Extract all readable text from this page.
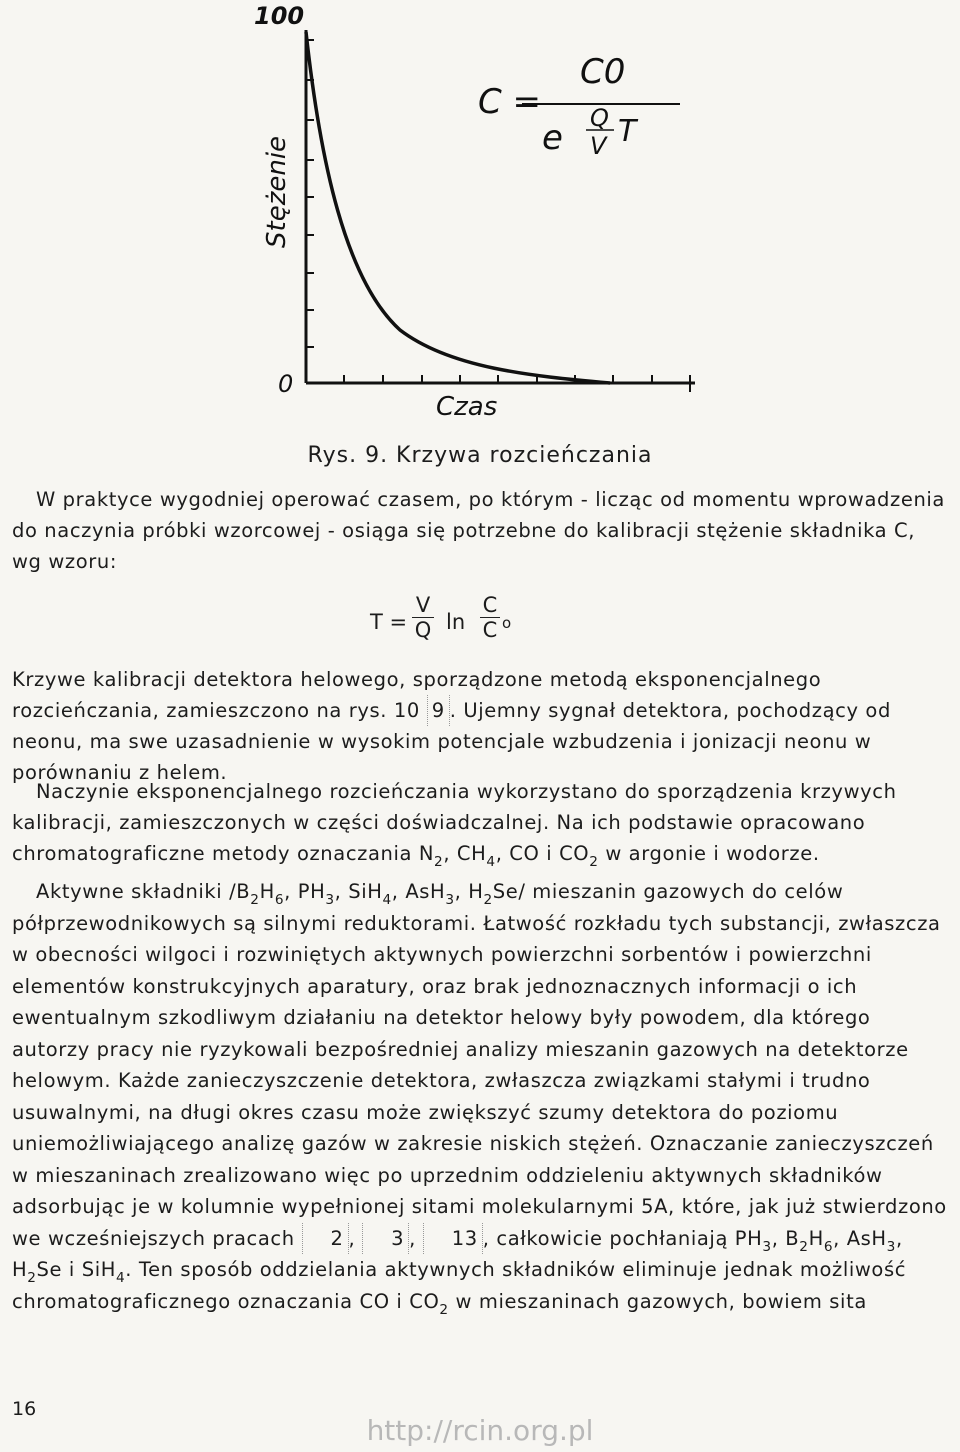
100
0
Stężenie
Czas
C =
C0
e Q
V T
Rys. 9. Krzywa rozcieńczania

W praktyce wygodniej operować czasem, po którym - licząc od momentu wprowadzenia do naczynia próbki wzorcowej - osiąga się potrzebne do kalibracji stężenie składnika C, wg wzoru:

T =
V
Q ln
C
C o

Krzywe kalibracji detektora helowego, sporządzone metodą eksponencjalnego rozcieńczania, zamieszczono na rys. 10 9 . Ujemny sygnał detektora, pochodzący od neonu, ma swe uzasadnienie w wysokim potencjale wzbudzenia i jonizacji neonu w porównaniu z helem.

Naczynie eksponencjalnego rozcieńczania wykorzystano do sporządzenia krzywych kalibracji, zamieszczonych w części doświadczalnej. Na ich podstawie opracowano chromatograficzne metody oznaczania $N_2$, $CH_4$, CO i $CO_2$ w argonie i wodorze.

Aktywne składniki $/B_2H_6$, $PH_3$, SiH$_4$, AsH$_3$, $H_2Se/$ mieszanin gazowych do celów półprzewodnikowych są silnymi reduktorami. Łatwość rozkładu tych substancji, zwłaszcza w obecności wilgoci i rozwiniętych aktywnych powierzchni sorbentów i powierzchni elementów konstrukcyjnych aparatury, oraz brak jednoznacznych informacji o ich ewentualnym szkodliwym działaniu na detektor helowy były powodem, dla którego autorzy pracy nie ryzykowali bezpośredniej analizy mieszanin gazowych na detektorze helowym. Każde zanieczyszczenie detektora, zwłaszcza związkami stałymi i trudno usuwalnymi, na długi okres czasu może zwiększyć szumy detektora do poziomu uniemożliwiającego analizę gazów w zakresie niskich stężeń. Oznaczanie zanieczyszczeń w mieszaninach zrealizowano więc po uprzednim oddzieleniu aktywnych składników adsorbując je w kolumnie wypełnionej sitami molekularnymi 5A, które, jak już stwierdzono we wcześniejszych pracach 2 , 3 , 13 , całkowicie pochłaniają $PH_3$, $B_2H_6$, AsH$_3$, $H_2Se$ i SiH$_4$. Ten sposób oddzielania aktywnych składników eliminuje jednak możliwość chromatograficznego oznaczania CO i $CO_2$ w mieszaninach gazowych, bowiem sita

16
http://rcin.org.pl
